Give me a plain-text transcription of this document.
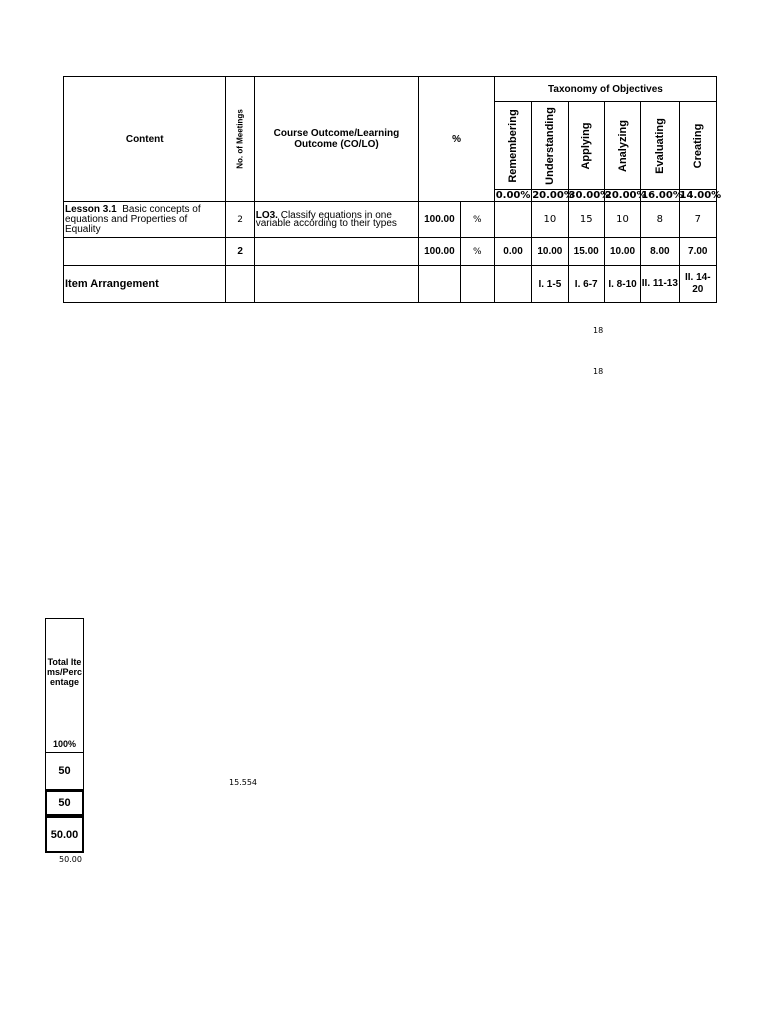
Content	No. of Meetings	Course Outcome/Learning Outcome (CO/LO)	%		Taxonomy of Objectives					

					Remembering	Understanding	Applying	Analyzing	Evaluating	Creating

					0.00%	20.00%	30.00%	20.00%	16.00%	14.00%
Lesson 3.1 Basic concepts of equations and Properties of Equality	2	LO3. Classify equations in one variable according to their types	100.00	%		10	15	10	8	7
	2		100.00	%	0.00	10.00	15.00	10.00	8.00	7.00
Item Arrangement						I. 1-5	I. 6-7	I. 8-10	II. 11-13	II. 14-20
18
18
15.554
Total Items/Percentage
100%
50
50
50.00
50.00
